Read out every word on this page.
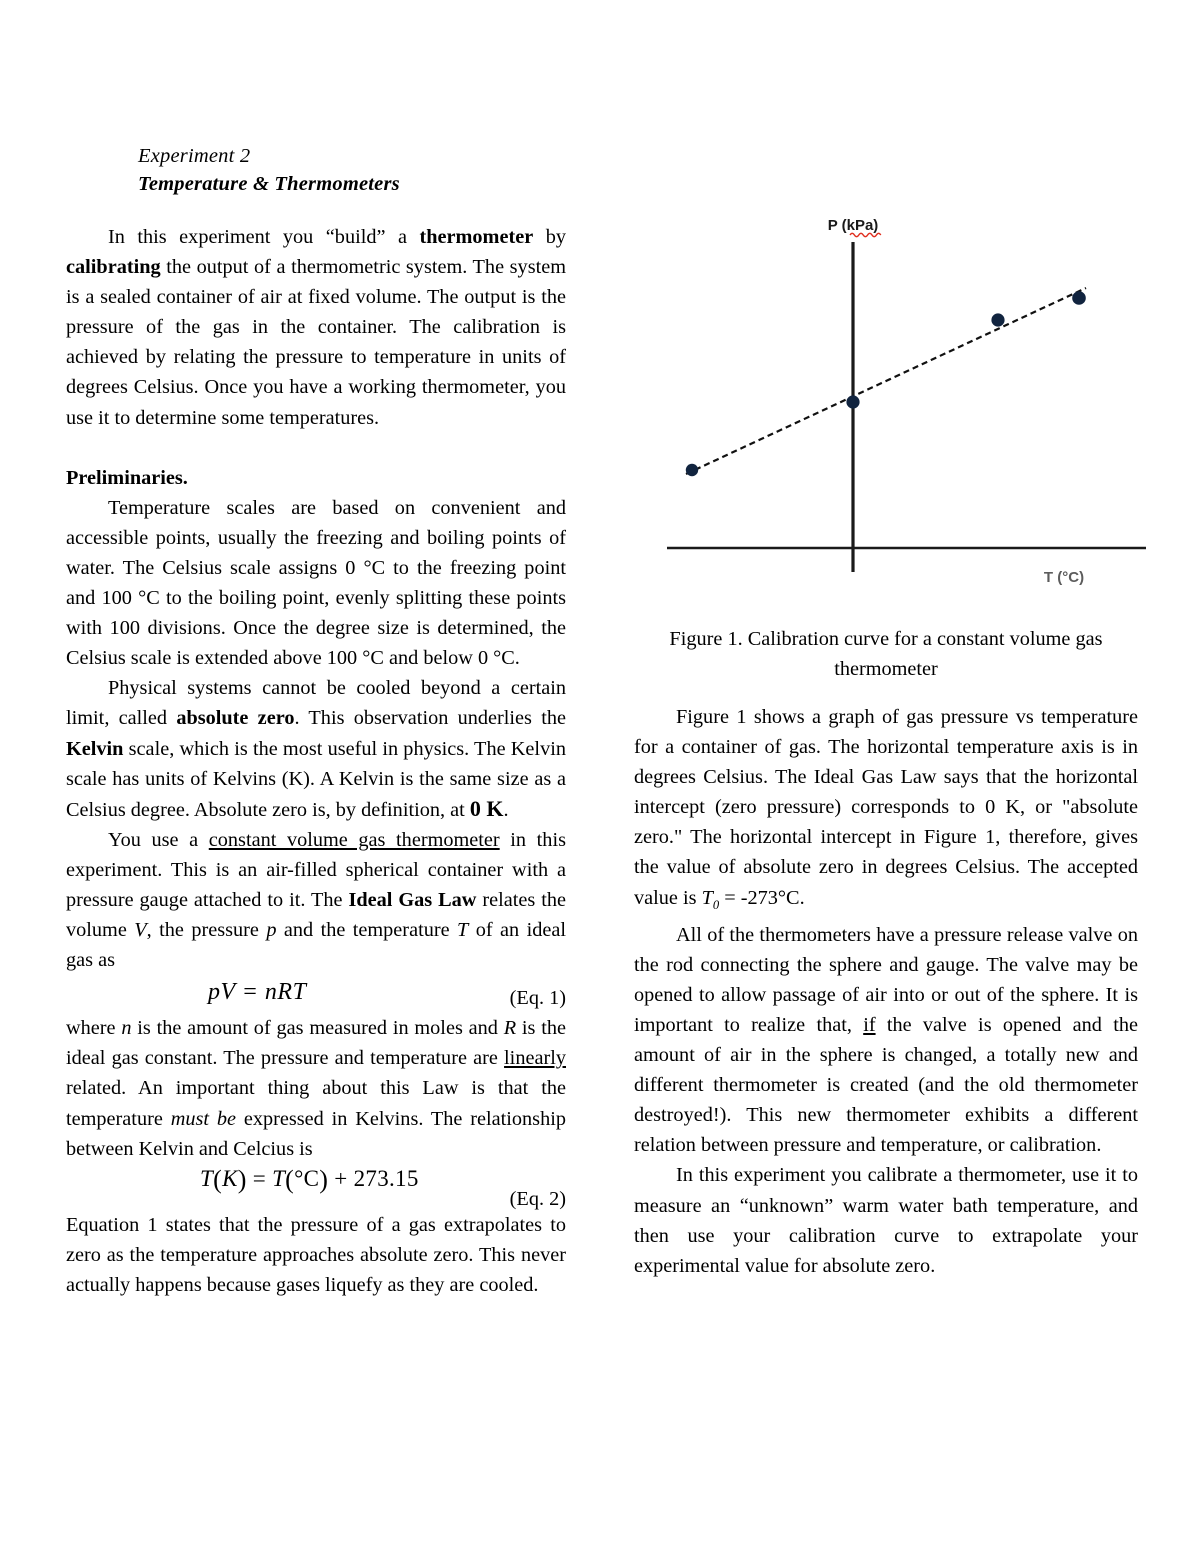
Experiment 2
Temperature & Thermometers

In this experiment you “build” a thermometer by calibrating the output of a thermometric system. The system is a sealed container of air at fixed volume. The output is the pressure of the gas in the container. The calibration is achieved by relating the pressure to temperature in units of degrees Celsius. Once you have a working thermometer, you use it to determine some temperatures.

Preliminaries.

Temperature scales are based on convenient and accessible points, usually the freezing and boiling points of water. The Celsius scale assigns 0 °C to the freezing point and 100 °C to the boiling point, evenly splitting these points with 100 divisions. Once the degree size is determined, the Celsius scale is extended above 100 °C and below 0 °C.

Physical systems cannot be cooled beyond a certain limit, called absolute zero. This observation underlies the Kelvin scale, which is the most useful in physics. The Kelvin scale has units of Kelvins (K). A Kelvin is the same size as a Celsius degree. Absolute zero is, by definition, at 0 K.

You use a constant volume gas thermometer in this experiment. This is an air-filled spherical container with a pressure gauge attached to it. The Ideal Gas Law relates the volume V, the pressure p and the temperature T of an ideal gas as

pV = nRT	(Eq. 1)

where n is the amount of gas measured in moles and R is the ideal gas constant. The pressure and temperature are linearly related. An important thing about this Law is that the temperature must be expressed in Kelvins. The relationship between Kelvin and Celcius is

T(K) = T(°C) + 273.15
(Eq. 2)

Equation 1 states that the pressure of a gas extrapolates to zero as the temperature approaches absolute zero. This never actually happens because gases liquefy as they are cooled.

P (kPa)
T (°C)
Figure 1. Calibration curve for a constant volume gas thermometer

Figure 1 shows a graph of gas pressure vs temperature for a container of gas. The horizontal temperature axis is in degrees Celsius. The Ideal Gas Law says that the horizontal intercept (zero pressure) corresponds to 0 K, or "absolute zero." The horizontal intercept in Figure 1, therefore, gives the value of absolute zero in degrees Celsius. The accepted value is $T_0 = -273^\circ C$.

All of the thermometers have a pressure release valve on the rod connecting the sphere and gauge. The valve may be opened to allow passage of air into or out of the sphere. It is important to realize that, if the valve is opened and the amount of air in the sphere is changed, a totally new and different thermometer is created (and the old thermometer destroyed!). This new thermometer exhibits a different relation between pressure and temperature, or calibration.

In this experiment you calibrate a thermometer, use it to measure an “unknown” warm water bath temperature, and then use your calibration curve to extrapolate your experimental value for absolute zero.
